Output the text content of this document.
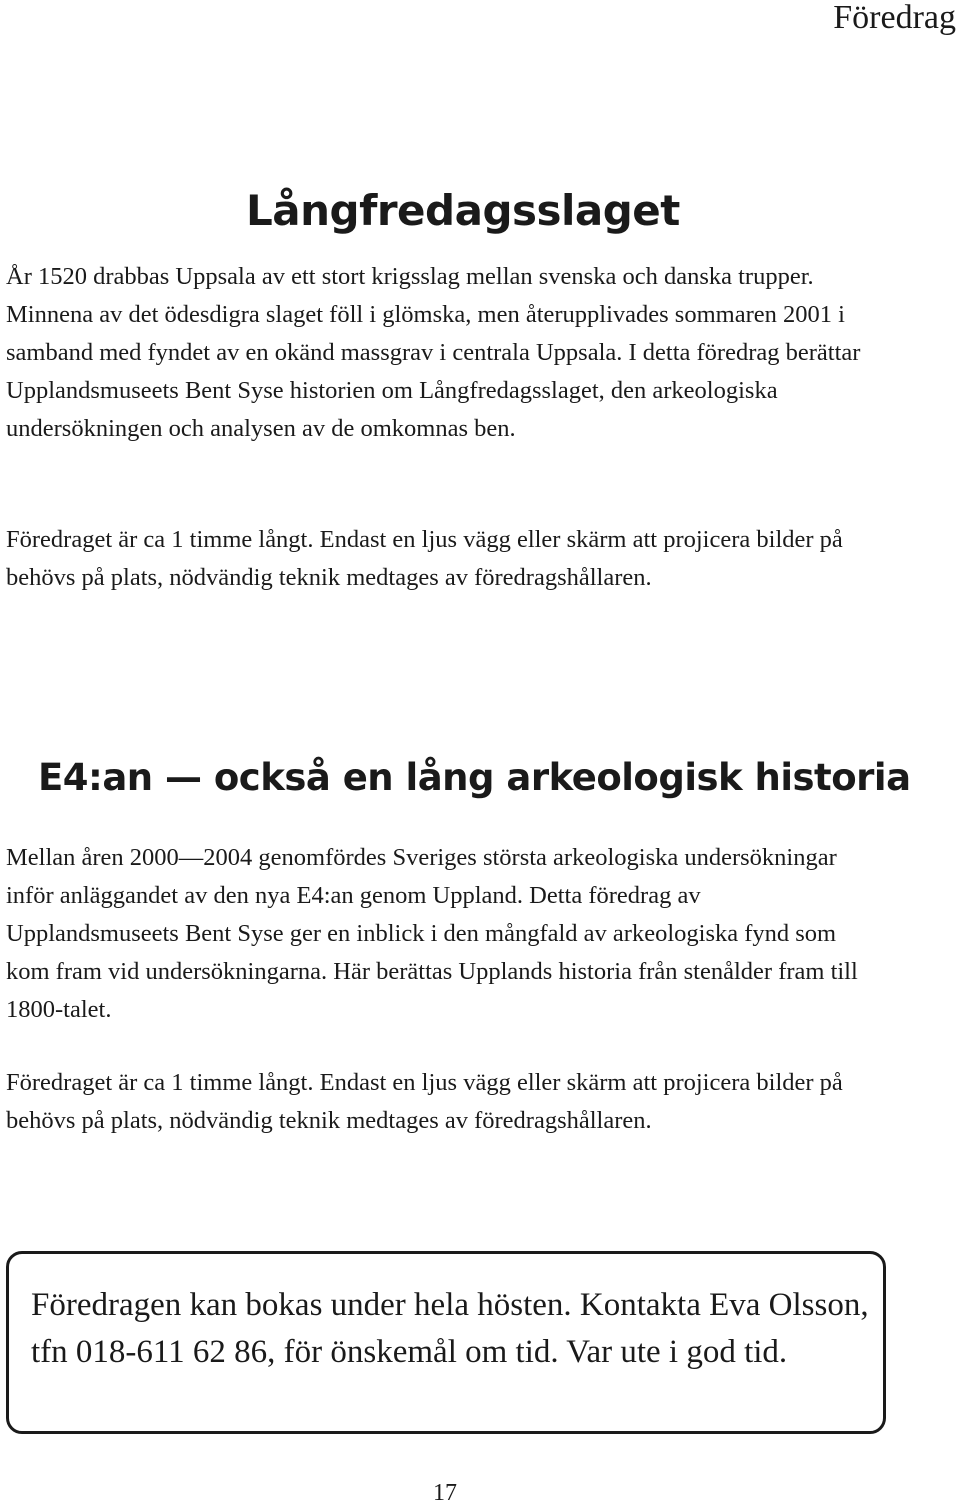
Föredrag
Långfredagsslaget

År 1520 drabbas Uppsala av ett stort krigsslag mellan svenska och danska trupper. Minnena av det ödesdigra slaget föll i glömska, men återupplivades sommaren 2001 i samband med fyndet av en okänd massgrav i centrala Uppsala. I detta föredrag berättar Upplandsmuseets Bent Syse historien om Långfredagsslaget, den arkeologiska undersökningen och analysen av de omkomnas ben.

Föredraget är ca 1 timme långt. Endast en ljus vägg eller skärm att projicera bilder på behövs på plats, nödvändig teknik medtages av föredragshållaren.

E4:an — också en lång arkeologisk historia

Mellan åren 2000—2004 genomfördes Sveriges största arkeologiska undersökningar inför anläggandet av den nya E4:an genom Uppland. Detta föredrag av Upplandsmuseets Bent Syse ger en inblick i den mångfald av arkeologiska fynd som kom fram vid undersökningarna. Här berättas Upplands historia från stenålder fram till 1800-talet.

Föredraget är ca 1 timme långt. Endast en ljus vägg eller skärm att projicera bilder på behövs på plats, nödvändig teknik medtages av föredragshållaren.

Föredragen kan bokas under hela hösten. Kontakta Eva Olsson, tfn 018-611 62 86, för önskemål om tid. Var ute i god tid.

17
